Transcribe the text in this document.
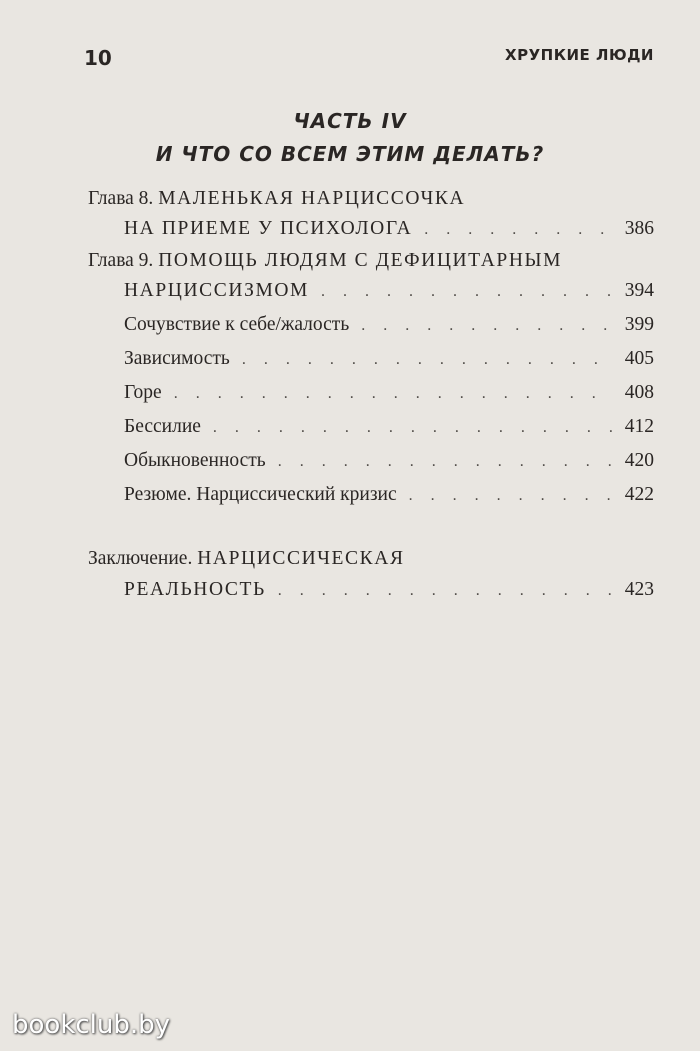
10	ХРУПКИЕ ЛЮДИ
ЧАСТЬ IV
И ЧТО СО ВСЕМ ЭТИМ ДЕЛАТЬ?
Глава 8.
МАЛЕНЬКАЯ НАРЦИССОЧКА
НА ПРИЕМЕ У ПСИХОЛОГА . . .	386
Глава 9.
ПОМОЩЬ ЛЮДЯМ С ДЕФИЦИТАРНЫМ
НАРЦИССИЗМОМ . . .	394
Сочувствие к себе/жалость . . .	399
Зависимость . . .	405
Горе . . .	408
Бессилие . . .	412
Обыкновенность . . .	420
Резюме. Нарциссический кризис . . .	422
Заключение.
НАРЦИССИЧЕСКАЯ
РЕАЛЬНОСТЬ . . .	423
bookclub.by
